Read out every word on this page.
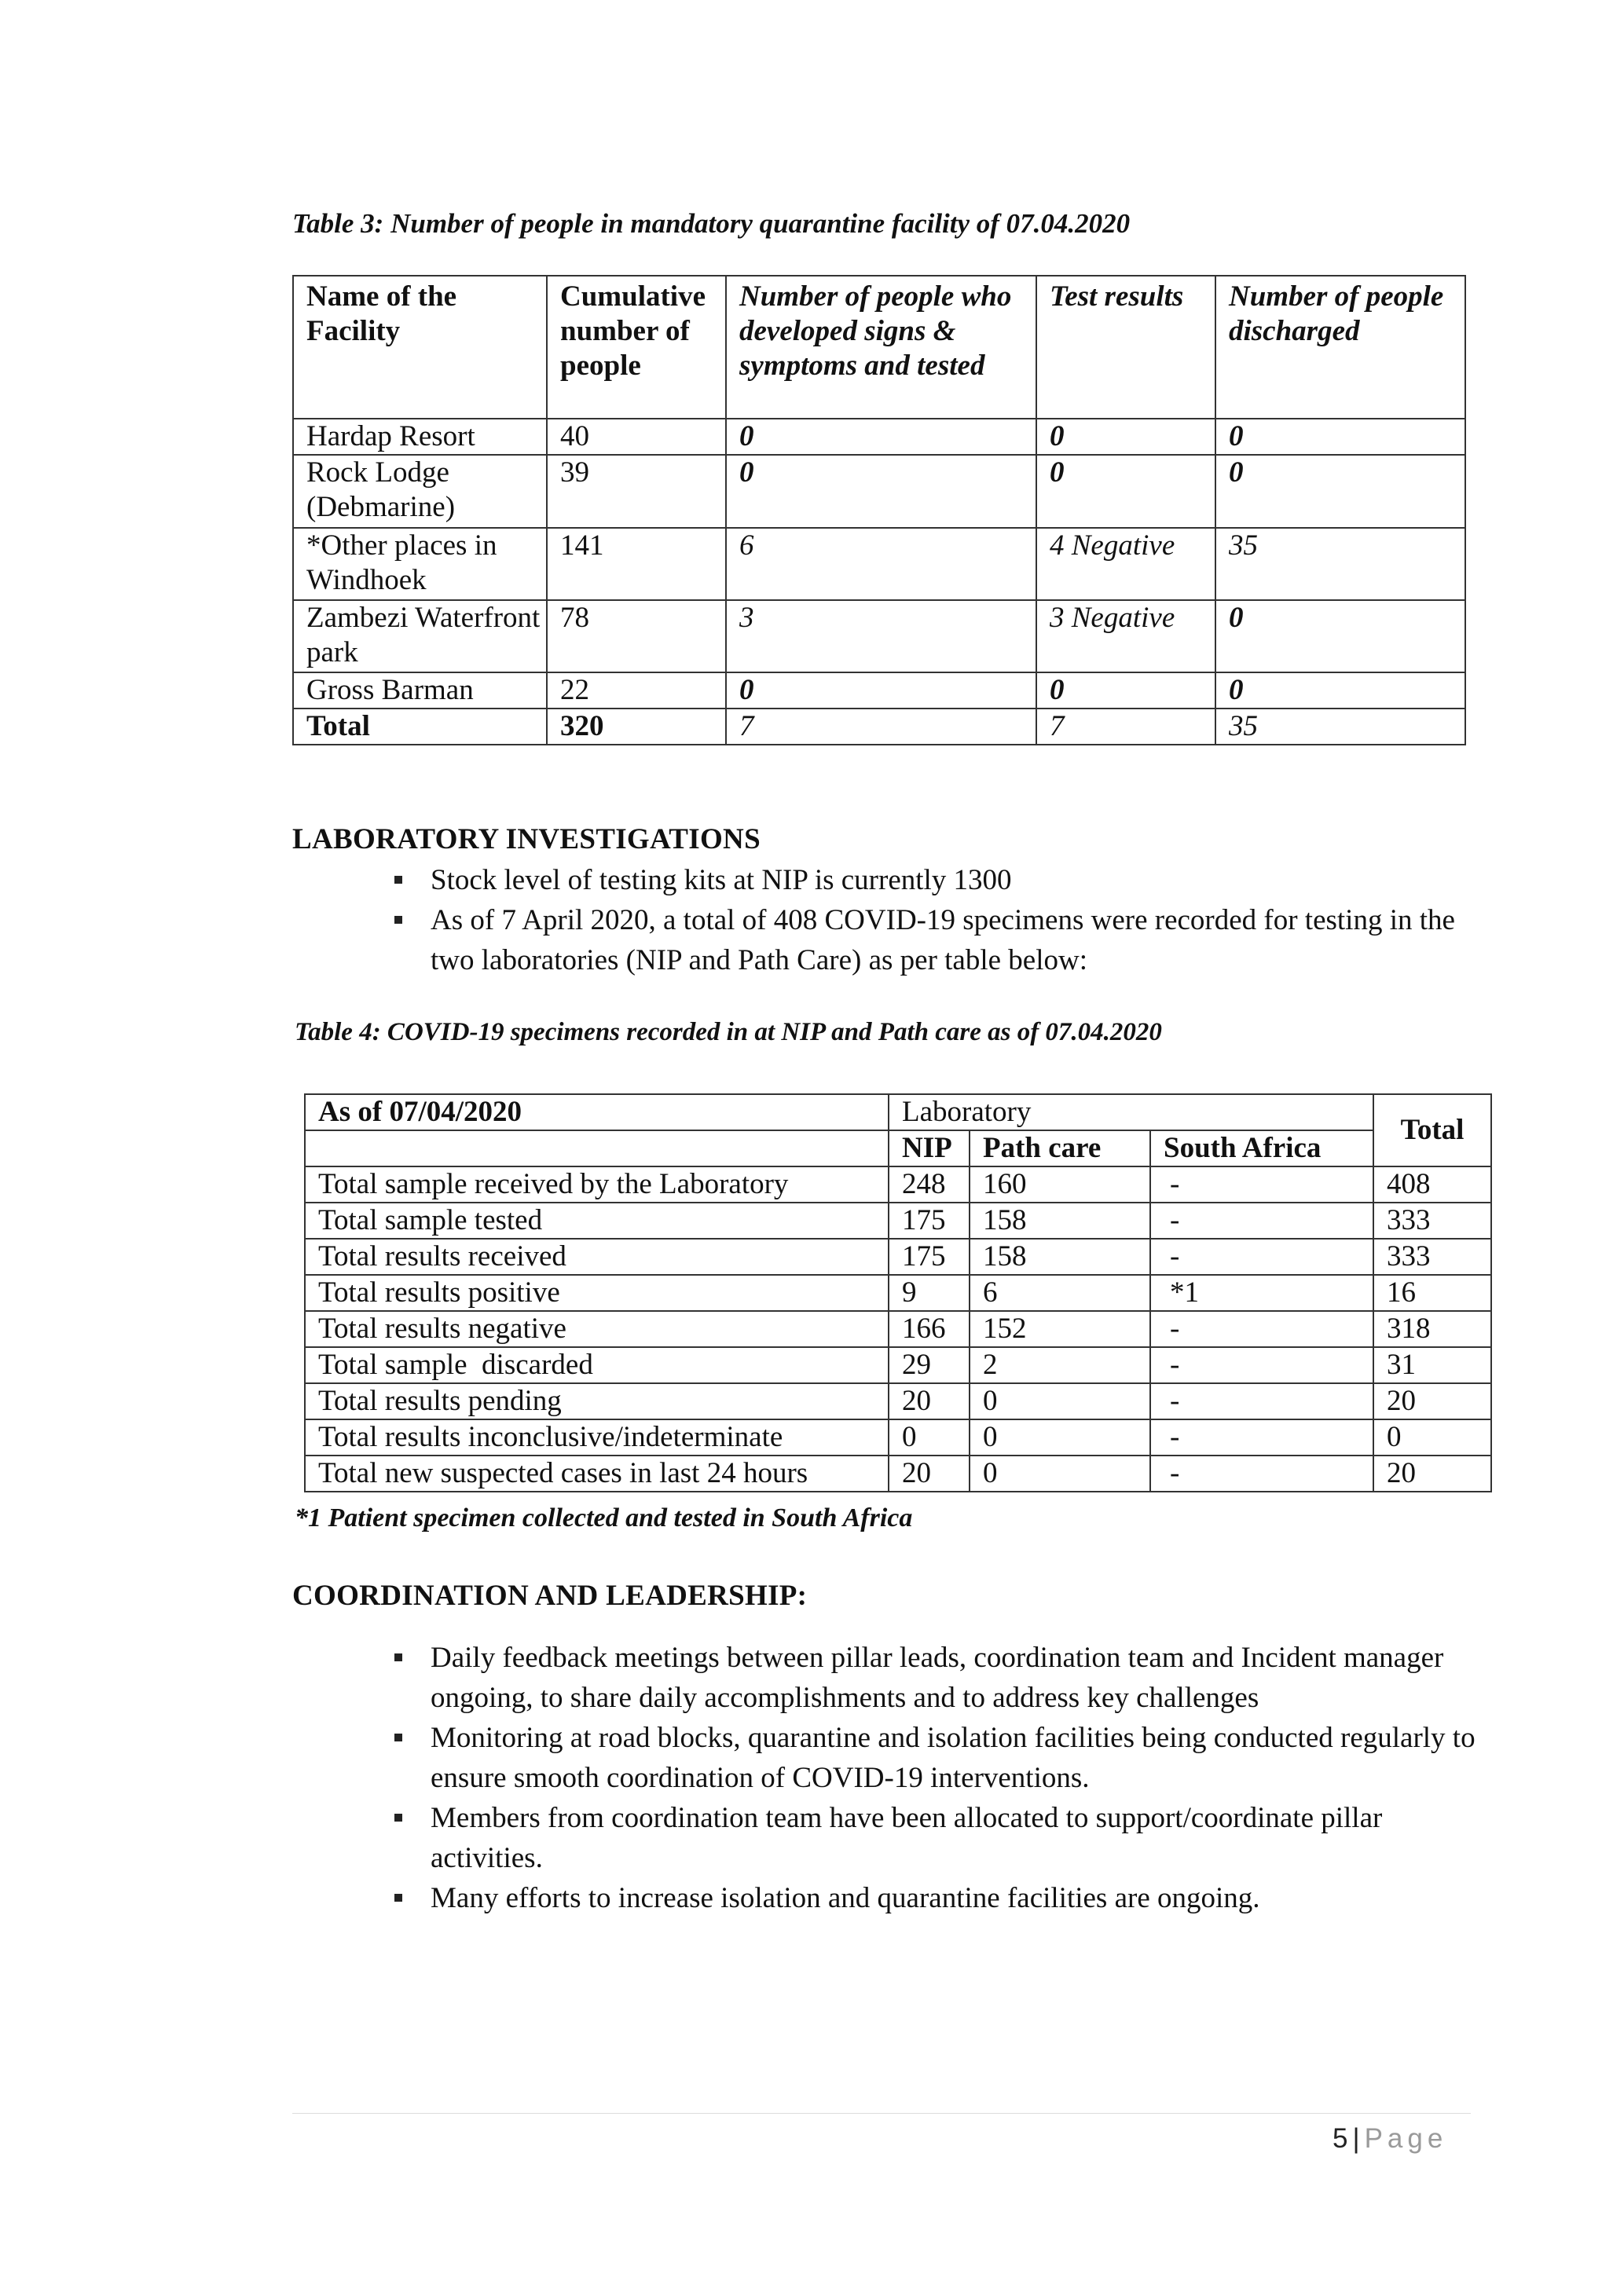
Table 3: Number of people in mandatory quarantine facility of 07.04.2020
Name of the Facility	Cumulative number of people	Number of people who developed signs & symptoms and tested	Test results	Number of people discharged
Hardap Resort	40	0	0	0
Rock Lodge (Debmarine)	39	0	0	0
*Other places in Windhoek	141	6	4 Negative	35
Zambezi Waterfront park	78	3	3 Negative	0
Gross Barman	22	0	0	0
Total	320	7	7	35
LABORATORY INVESTIGATIONS
Stock level of testing kits at NIP is currently 1300
As of 7 April 2020, a total of 408 COVID-19 specimens were recorded for testing in the two laboratories (NIP and Path Care) as per table below:
Table 4: COVID-19 specimens recorded in at NIP and Path care as of 07.04.2020
As of 07/04/2020	Laboratory			Total
	NIP	Path care	South Africa	
Total sample received by the Laboratory	248	160	-	408
Total sample tested	175	158	-	333
Total results received	175	158	-	333
Total results positive	9	6	*1	16
Total results negative	166	152	-	318
Total sample  discarded	29	2	-	31
Total results pending	20	0	-	20
Total results inconclusive/indeterminate	0	0	-	0
Total new suspected cases in last 24 hours	20	0	-	20
*1 Patient specimen collected and tested in South Africa
COORDINATION AND LEADERSHIP:
Daily feedback meetings between pillar leads, coordination team and Incident manager ongoing, to share daily accomplishments and to address key challenges
Monitoring at road blocks, quarantine and isolation facilities being conducted regularly to ensure smooth coordination of COVID-19 interventions.
Members from coordination team have been allocated to support/coordinate pillar activities.
Many efforts to increase isolation and quarantine facilities are ongoing.
5 | Page
